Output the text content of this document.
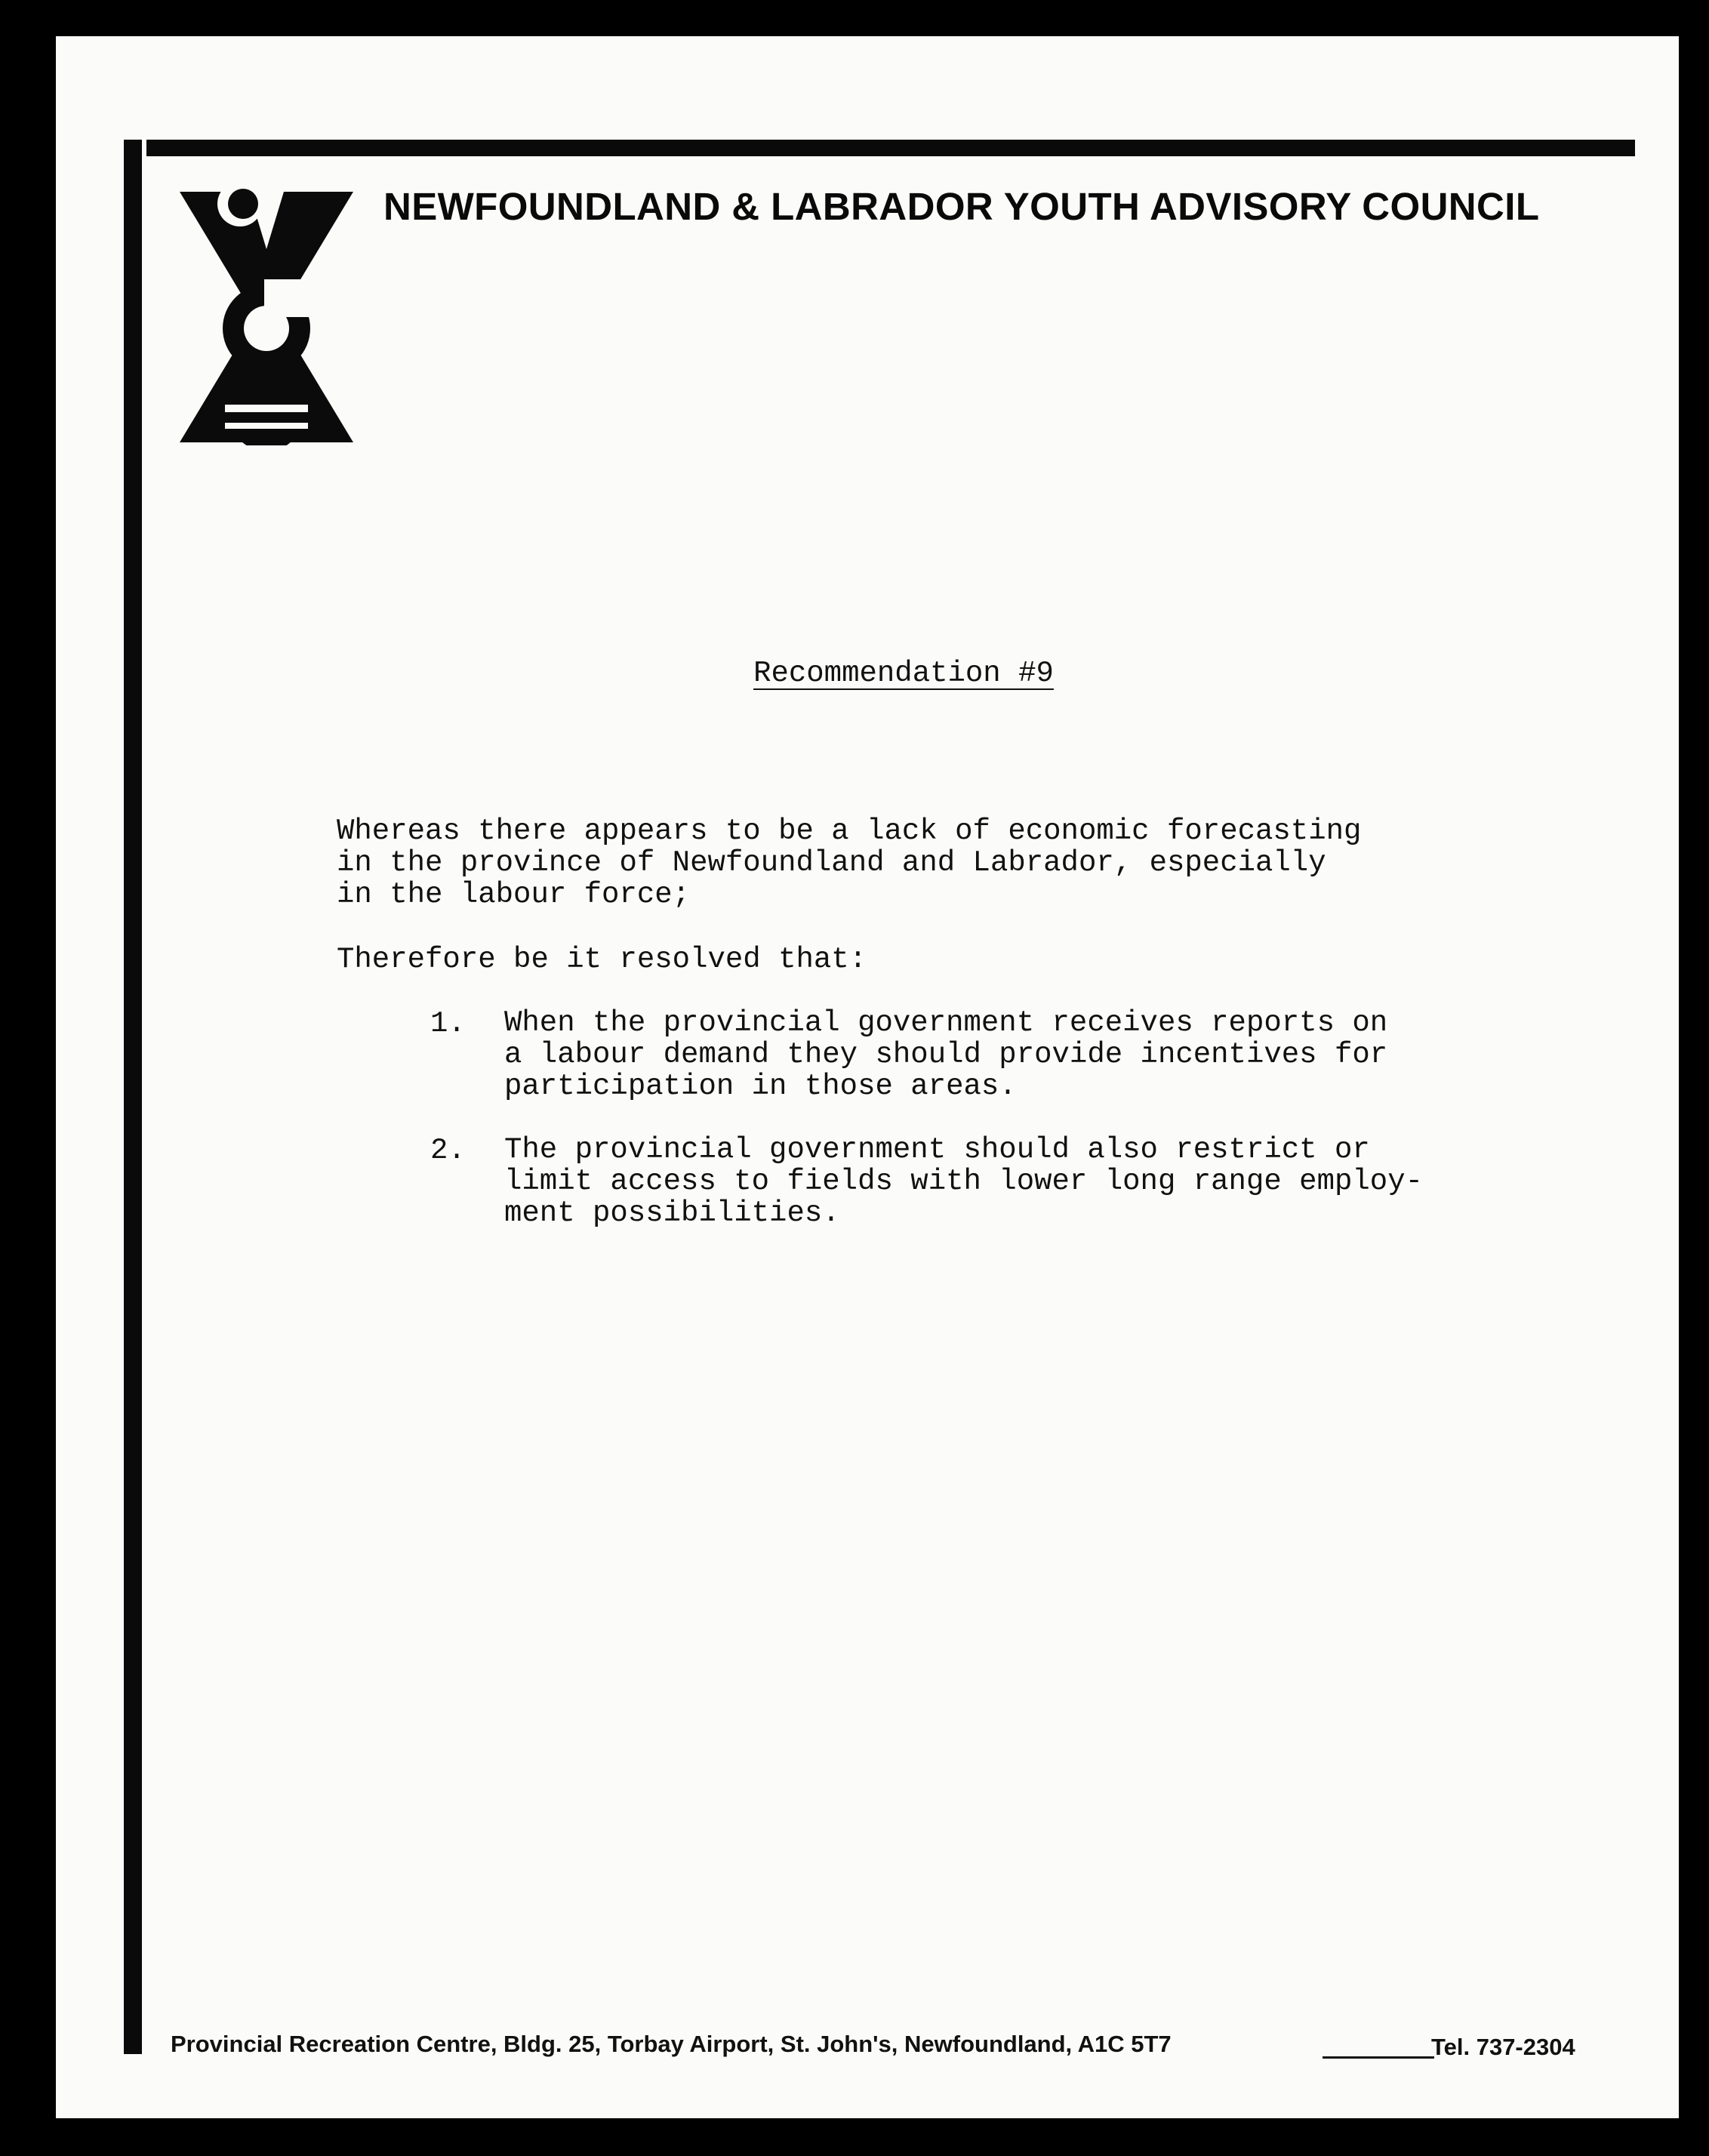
NEWFOUNDLAND & LABRADOR YOUTH ADVISORY COUNCIL
Recommendation #9

Whereas there appears to be a lack of economic forecasting
in the province of Newfoundland and Labrador, especially
in the labour force;

Therefore be it resolved that:

1. When the provincial government receives reports on
a labour demand they should provide incentives for
participation in those areas.

2. The provincial government should also restrict or
limit access to fields with lower long range employ-
ment possibilities.

Provincial Recreation Centre, Bldg. 25, Torbay Airport, St. John's, Newfoundland, A1C 5T7	Tel. 737-2304
